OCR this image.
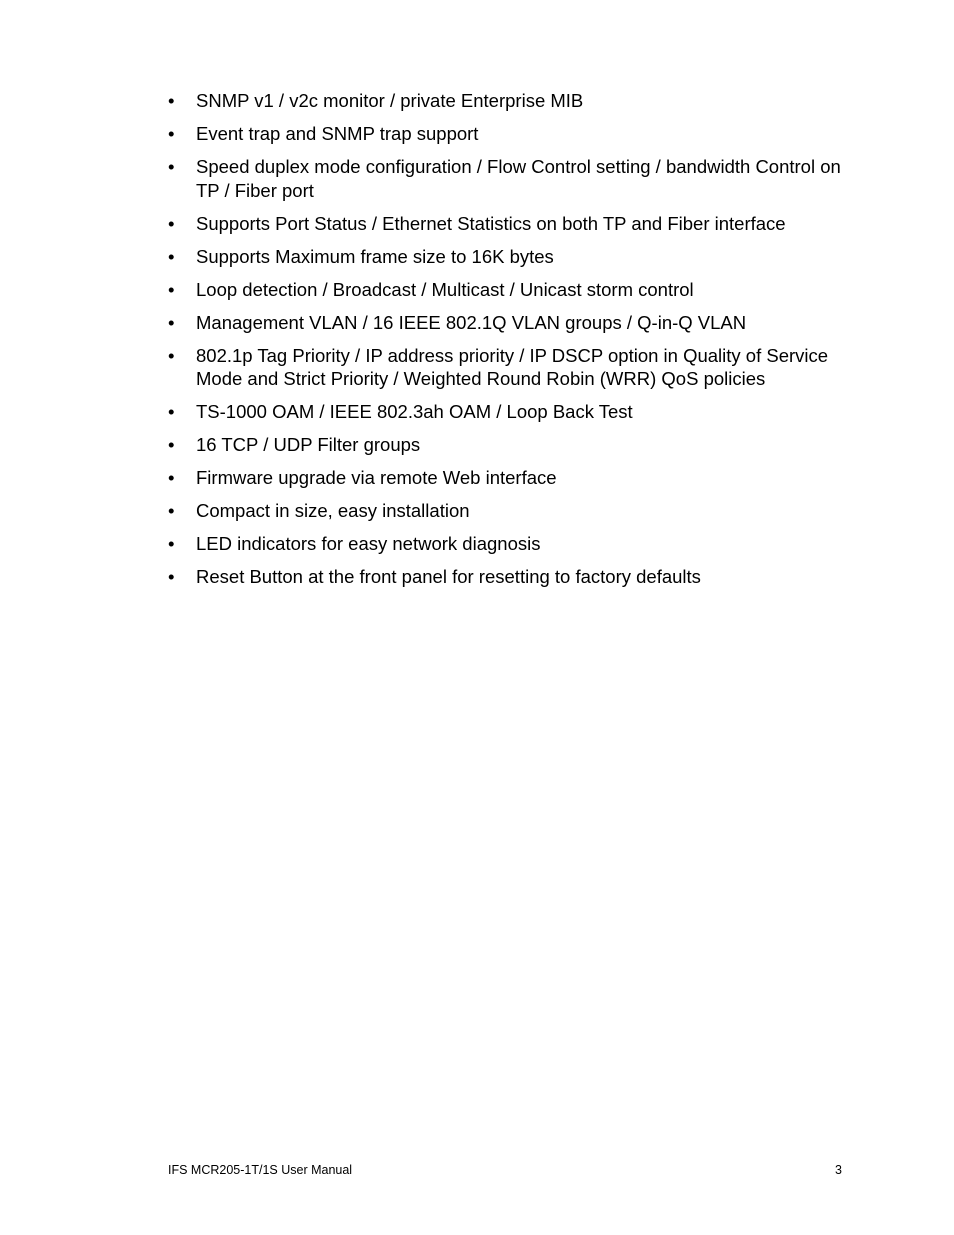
•	SNMP v1 / v2c monitor / private Enterprise MIB
•	Event trap and SNMP trap support
•	Speed duplex mode configuration / Flow Control setting / bandwidth Control on TP / Fiber port
•	Supports Port Status / Ethernet Statistics on both TP and Fiber interface
•	Supports Maximum frame size to 16K bytes
•	Loop detection / Broadcast / Multicast / Unicast storm control
•	Management VLAN / 16 IEEE 802.1Q VLAN groups / Q-in-Q VLAN
•	802.1p Tag Priority / IP address priority / IP DSCP option in Quality of Service Mode and Strict Priority / Weighted Round Robin (WRR) QoS policies
•	TS-1000 OAM / IEEE 802.3ah OAM / Loop Back Test
•	16 TCP / UDP Filter groups
•	Firmware upgrade via remote Web interface
•	Compact in size, easy installation
•	LED indicators for easy network diagnosis
•	Reset Button at the front panel for resetting to factory defaults
IFS MCR205-1T/1S User Manual	3
